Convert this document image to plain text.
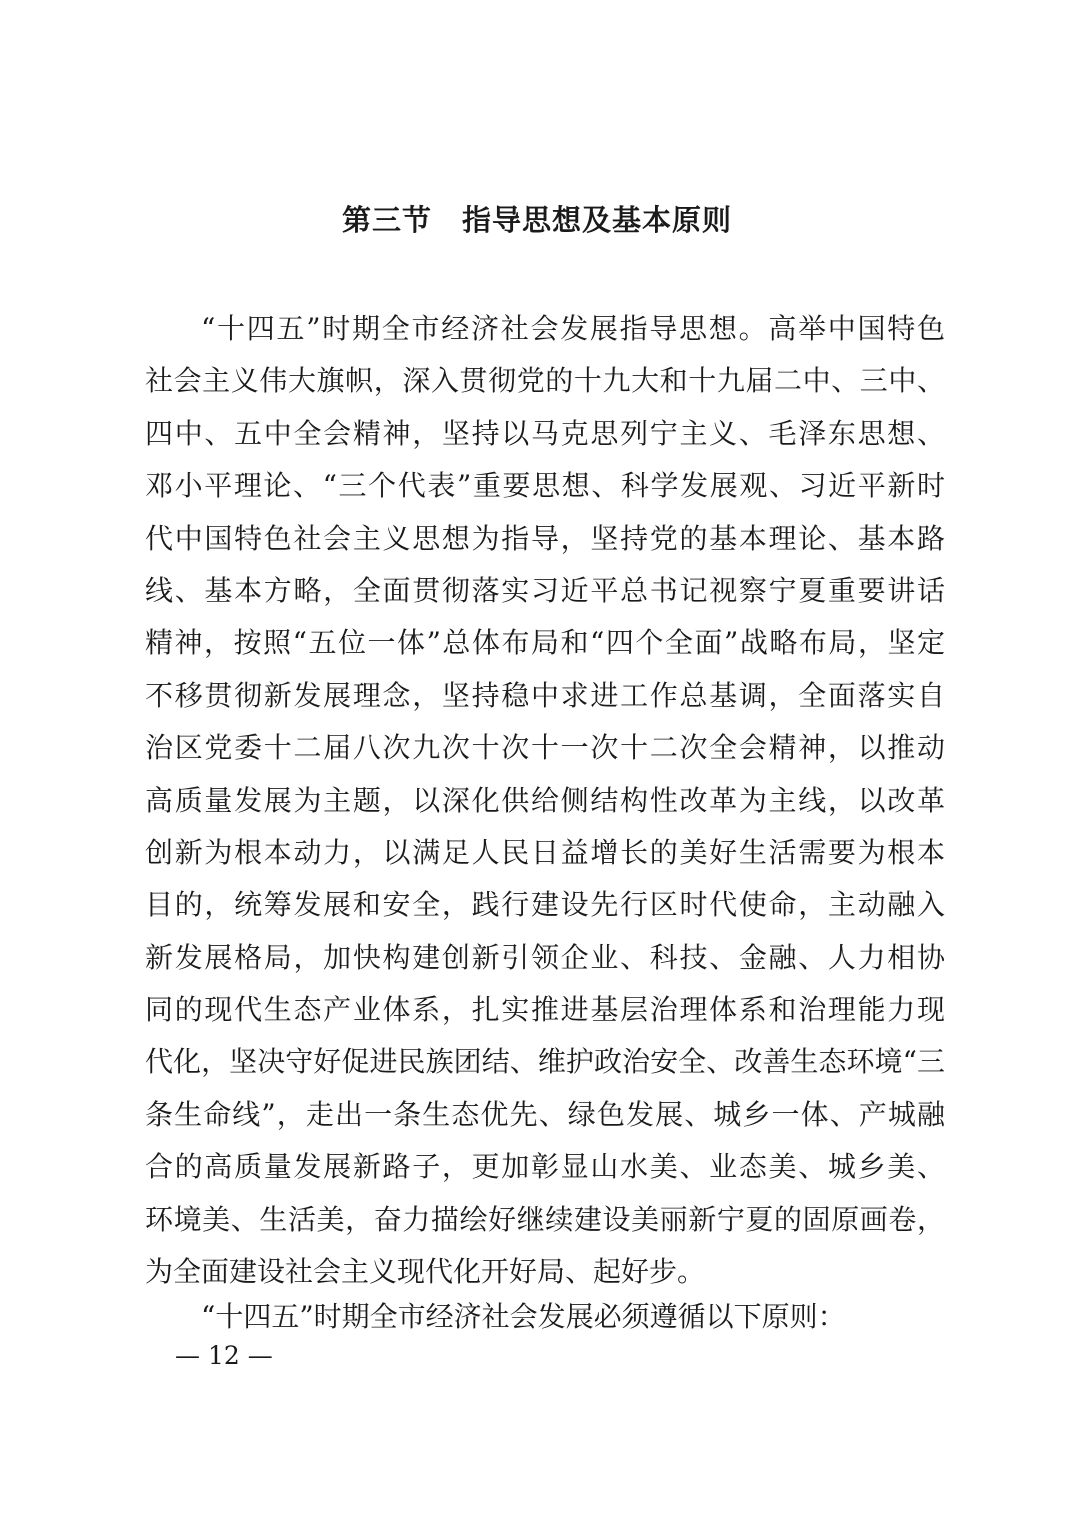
第三节　指导思想及基本原则
“十四五”时期全市经济社会发展指导思想。高举中国特色
社会主义伟大旗帜，深入贯彻党的十九大和十九届二中、三中、
四中、五中全会精神，坚持以马克思列宁主义、毛泽东思想、
邓小平理论、“三个代表”重要思想、科学发展观、习近平新时
代中国特色社会主义思想为指导，坚持党的基本理论、基本路
线、基本方略，全面贯彻落实习近平总书记视察宁夏重要讲话
精神，按照“五位一体”总体布局和“四个全面”战略布局，坚定
不移贯彻新发展理念，坚持稳中求进工作总基调，全面落实自
治区党委十二届八次九次十次十一次十二次全会精神，以推动
高质量发展为主题，以深化供给侧结构性改革为主线，以改革
创新为根本动力，以满足人民日益增长的美好生活需要为根本
目的，统筹发展和安全，践行建设先行区时代使命，主动融入
新发展格局，加快构建创新引领企业、科技、金融、人力相协
同的现代生态产业体系，扎实推进基层治理体系和治理能力现
代化，坚决守好促进民族团结、维护政治安全、改善生态环境“三
条生命线”，走出一条生态优先、绿色发展、城乡一体、产城融
合的高质量发展新路子，更加彰显山水美、业态美、城乡美、
环境美、生活美，奋力描绘好继续建设美丽新宁夏的固原画卷，
为全面建设社会主义现代化开好局、起好步。
“十四五”时期全市经济社会发展必须遵循以下原则：
— 12 —
